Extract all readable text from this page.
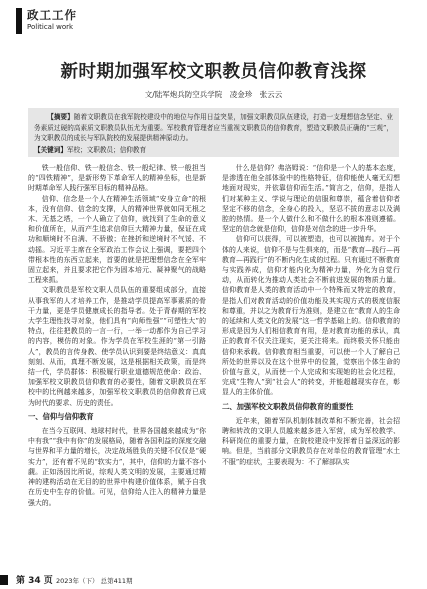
政工工作
Political work
新时期加强军校文职教员信仰教育浅探
文/陆军炮兵防空兵学院　凌金珍　张云云

【摘要】随着文职教员在我军院校建设中的地位与作用日益突显，加强文职教员队伍建设，打造一支理想信念坚定、业务素质过硬的高素质文职教员队伍尤为重要。军校教育管理者应当重视文职教员的信仰教育，塑造文职教员正确的“三观”，为文职教员的成长与军队院校的发展提供精神原动力。

【关键词】军校；文职教员；信仰教育

铁一般信仰、铁一般信念、铁一般纪律、铁一般担当的“四铁精神”，是新形势下革命军人的精神坐标，也是新时期革命军人践行强军目标的精神品格。

信仰、信念是一个人在精神生活领域“安身立命”的根本，没有信仰、信念的支撑，人的精神世界就如同无根之木、无基之塔，一个人确立了信仰，就找到了生命的意义和价值所在，从而产生追求信仰巨大精神力量，保证在成功和顺境时不自满、不骄傲；在挫折和逆境时不气馁、不动摇。习近平主席在全军政治工作会议上强调，要把四个带根本性的东西立起来，首要的就是把理想信念在全军牢固立起来，并且要求把它作为固本培元、凝神聚气的战略工程来抓。

文职教员是军校文职人员队伍的重要组成部分，直接从事我军的人才培养工作，是推动学员提高军事素质的骨干力量，更是学员健康成长的指导者。处于青春期的军校大学生理性找寻对象，他们具有“向师性强”“可塑性大”的特点，往往把教员的一言一行，一举一动都作为自己学习的内容，模仿的对象。作为学员在军校生涯的“第一引路人”，教员的言传身教、使学员认识到要是终结意义：真真刻刻、从而，真理不断发展，这是根据相关政策，而是终结一代，学员群体：积极履行职业道德规范使命：政治、加强军校文职教员信仰教育的必要性，随着文职教员在军校中的比例越来越多，加强军校文职教员的信仰教育已成为时代的要求、历史的责任。

一、信仰与信仰教育

在当今互联网、地球村时代，世界各国越来越成为“你中有我”“我中有你”的发展格局，随着各国利益的深度交融与世界和平力量的增长，决定战场胜负的关键不仅仅是“硬实力”，还有着不见的“软实力”，其中，信仰的力量不容小觑。正如汤因比所说，综观人类文明的发展，主要通过精神的建构活动在无目的的世界中构建价值体系，赋予自我在历史中生存的价值。可见，信仰给人注入的精神力量是强大的。

什么是信仰？弗洛姆说：“信仰是一个人的基本态度，是渗透在他全部体验中的性格特征，信仰能使人毫无幻想地面对现实，并依靠信仰而生活。”简言之，信仰，是指人们对某种主义、学说与理论的信服和尊崇，蕴含着信仰者坚定不移的信念，全身心的投入，坚忍不拔的意志以及满腔的热情。是一个人做什么和不做什么的根本准则遵循。坚定的信念就是信仰，信仰是对信念的进一步升华。

信仰可以获得，可以被塑造，也可以被抛弃。对于个体的人来说，信仰不是与生俱来的，而是“教育—践行—再教育—再践行”的不断内化生成的过程。只有通过不断教育与实践养成，信仰才能内化为精神力量，外化为自觉行动，从而转化为推动人类社会不断前进发展的物质力量。信仰教育是人类的教育活动中一个特殊而又特定的教育，是指人们对教育活动的价值功能及其实现方式的极度信服和尊重，并以之为教育行为准则，是建立在“教育人的生命的延续和人类文化的发展”这一哲学基础上的。信仰教育的形成是因为人们相信教育有用，是对教育功能的承认，真正的教育不仅关注现实，更关注将来。而终极关怀只能由信仰来承载。信仰教育相当重要，可以使一个人了解自己所处的世界以及在这个世界中的位置，觉察出个体生命的价值与意义，从而使一个人完成和实现她的社会化过程，完成“生物人”到“社会人”的转变，并能超越现实存在，彰显人的主体价值。

二、加强军校文职教员信仰教育的重要性

近年来，随着军队机制体制改革和不断完善，社会招聘和转改的文职人员越来越多进入军营，成为军校教学、科研岗位的重要力量，在院校建设中发挥着日益深远的影响。但是，当前部分文职教员存在对单位的教育管理“水土不服”的症状，主要表现为：不了解部队实

第 34 页 2023年（下） 总第411期
